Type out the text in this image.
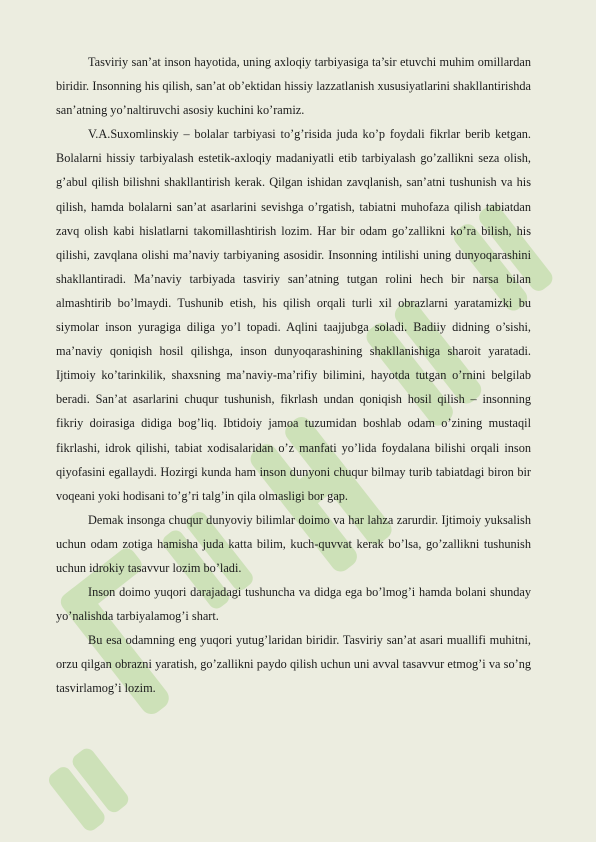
Tasviriy san’at inson hayotida, uning axloqiy tarbiyasiga ta’sir etuvchi muhim omillardan biridir. Insonning his qilish, san’at ob’ektidan hissiy lazzatlanish xususiyatlarini shakllantirishda san’atning yo’naltiruvchi asosiy kuchini ko’ramiz.

V.A.Suxomlinskiy – bolalar tarbiyasi to’g’risida juda ko’p foydali fikrlar berib ketgan. Bolalarni hissiy tarbiyalash estetik-axloqiy madaniyatli etib tarbiyalash go’zallikni seza olish, g’abul qilish bilishni shakllantirish kerak. Qilgan ishidan zavqlanish, san’atni tushunish va his qilish, hamda bolalarni san’at asarlarini sevishga o’rgatish, tabiatni muhofaza qilish tabiatdan zavq olish kabi hislatlarni takomillashtirish lozim. Har bir odam go’zallikni ko’ra bilish, his qilishi, zavqlana olishi ma’naviy tarbiyaning asosidir. Insonning intilishi uning dunyoqarashini shakllantiradi. Ma’naviy tarbiyada tasviriy san’atning tutgan rolini hech bir narsa bilan almashtirib bo’lmaydi. Tushunib etish, his qilish orqali turli xil obrazlarni yaratamizki bu siymolar inson yuragiga diliga yo’l topadi. Aqlini taajjubga soladi. Badiiy didning o’sishi, ma’naviy qoniqish hosil qilishga, inson dunyoqarashining shakllanishiga sharoit yaratadi. Ijtimoiy ko’tarinkilik, shaxsning ma’naviy-ma’rifiy bilimini, hayotda tutgan o’rnini belgilab beradi. San’at asarlarini chuqur tushunish, fikrlash undan qoniqish hosil qilish – insonning fikriy doirasiga didiga bog’liq. Ibtidoiy jamoa tuzumidan boshlab odam o’zining mustaqil fikrlashi, idrok qilishi, tabiat xodisalaridan o’z manfati yo’lida foydalana bilishi orqali inson qiyofasini egallaydi. Hozirgi kunda ham inson dunyoni chuqur bilmay turib tabiatdagi biron bir voqeani yoki hodisani to’g’ri talg’in qila olmasligi bor gap.

Demak insonga chuqur dunyoviy bilimlar doimo va har lahza zarurdir. Ijtimoiy yuksalish uchun odam zotiga hamisha juda katta bilim, kuch-quvvat kerak bo’lsa, go’zallikni tushunish uchun idrokiy tasavvur lozim bo’ladi.

Inson doimo yuqori darajadagi tushuncha va didga ega bo’lmog’i hamda bolani shunday yo’nalishda tarbiyalamog’i shart.

Bu esa odamning eng yuqori yutug’laridan biridir. Tasviriy san’at asari muallifi muhitni, orzu qilgan obrazni yaratish, go’zallikni paydo qilish uchun uni avval tasavvur etmog’i va so’ng tasvirlamog’i lozim.
